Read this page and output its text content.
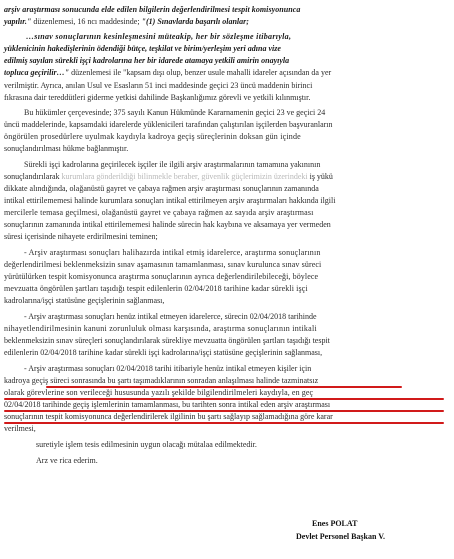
arşiv araştırması sonucunda elde edilen bilgilerin değerlendirilmesi tespit komisyonunca

yapılır." düzenlemesi, 16 ncı maddesinde; "(1) Sınavlarda başarılı olanlar;

…sınav sonuçlarının kesinleşmesini müteakip, her bir sözleşme itibarıyla,

yüklenicinin hakedişlerinin ödendiği bütçe, teşkilat ve birim/yerleşim yeri adına vize

edilmiş sayılan sürekli işçi kadrolarına her bir idarede atamaya yetkili amirin onayıyla

topluca geçirilir…" düzenlemesi ile "kapsam dışı olup, benzer usule mahalli idareler açısından da yer

verilmiştir. Ayrıca, anılan Usul ve Esasların 51 inci maddesinde geçici 23 üncü maddenin birinci

fıkrasına dair tereddütleri giderme yetkisi dahilinde Başkanlığımız görevli ve yetkili kılınmıştır.

Bu hükümler çerçevesinde; 375 sayılı Kanun Hükmünde Kararnamenin geçici 23 ve geçici 24

üncü maddelerinde, kapsamdaki idarelerde yüklenicileri tarafından çalıştırılan işçilerden başvuranların

öngörülen prosedürlere uyulmak kaydıyla kadroya geçiş süreçlerinin doksan gün içinde

sonuçlandırılması hükme bağlanmıştır.

Sürekli işçi kadrolarına geçirilecek işçiler ile ilgili arşiv araştırmalarının tamamına yakınının

sonuçlandırılarak kurumlara gönderildiği bilinmekle beraber, güvenlik güçlerimizin üzerindeki iş yükü

dikkate alındığında, olağanüstü gayret ve çabaya rağmen arşiv araştırması sonuçlarının zamanında

intikal ettirilememesi halinde kurumlara sonuçları intikal ettirilmeyen arşiv araştırmaları hakkında ilgili

mercilerle temasa geçilmesi, olağanüstü gayret ve çabaya rağmen az sayıda arşiv araştırması

sonuçlarının zamanında intikal ettirilememesi halinde sürecin hak kaybına ve aksamaya yer vermeden

süresi içerisinde nihayete erdirilmesini teminen;

- Arşiv araştırması sonuçları halihazırda intikal etmiş idarelerce, araştırma sonuçlarının

değerlendirilmesi beklenmeksizin sınav aşamasının tamamlanması, sınav kurulunca sınav süreci

yürütülürken tespit komisyonunca araştırma sonuçlarının ayrıca değerlendirilebileceği, böylece

mevzuatta öngörülen şartları taşıdığı tespit edilenlerin 02/04/2018 tarihine kadar sürekli işçi

kadrolarına/işçi statüsüne geçişlerinin sağlanması,

- Arşiv araştırması sonuçları henüz intikal etmeyen idarelerce, sürecin 02/04/2018 tarihinde

nihayetlendirilmesinin kanuni zorunluluk olması karşısında, araştırma sonuçlarının intikali

beklenmeksizin sınav süreçleri sonuçlandırılarak sürekliye mevzuatta öngörülen şartları taşıdığı tespit

edilenlerin 02/04/2018 tarihine kadar sürekli işçi kadrolarına/işçi statüsüne geçişlerinin sağlanması,

- Arşiv araştırması sonuçları 02/04/2018 tarihi itibariyle henüz intikal etmeyen kişiler için

kadroya geçiş süreci sonrasında bu şartı taşımadıklarının sonradan anlaşılması halinde tazminatsız

olarak görevlerine son verileceği hususunda yazılı şekilde bilgilendirilmeleri kaydıyla, en geç

02/04/2018 tarihinde geçiş işlemlerinin tamamlanması, bu tarihten sonra intikal eden arşiv araştırması

sonuçlarının tespit komisyonunca değerlendirilerek ilgilinin bu şartı sağlayıp sağlamadığına göre karar

verilmesi,

suretiyle işlem tesis edilmesinin uygun olacağı mütalaa edilmektedir.

Arz ve rica ederim.

Enes POLAT
Devlet Personel Başkan V.
